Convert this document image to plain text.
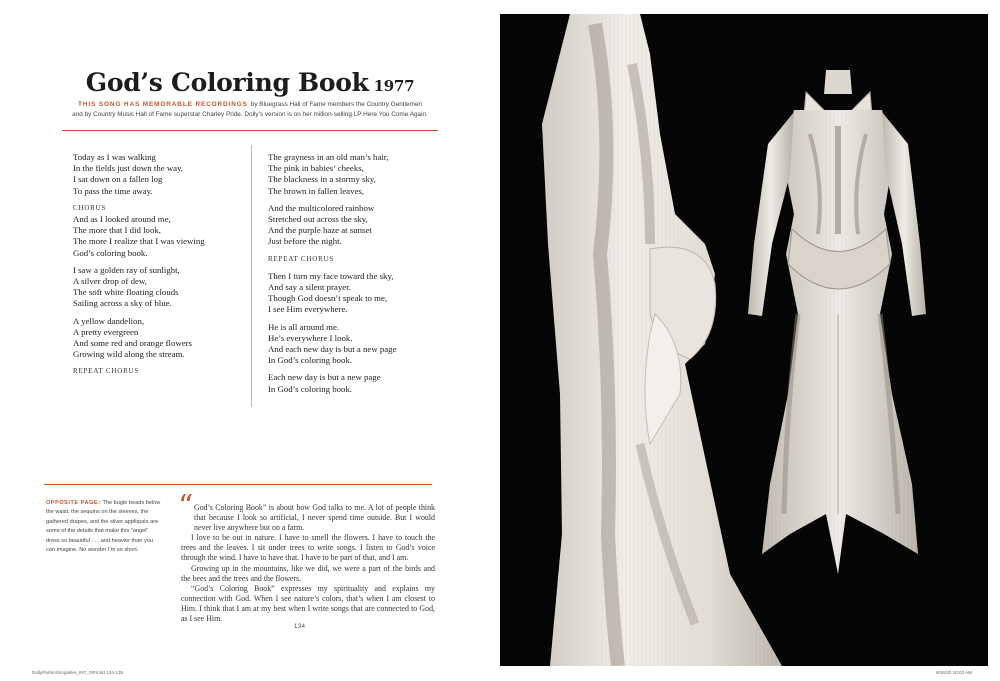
God’s Coloring Book 1977

THIS SONG HAS MEMORABLE RECORDINGS by Bluegrass Hall of Fame members the Country Gentlemen and by Country Music Hall of Fame superstar Charley Pride. Dolly’s version is on her million-selling LP Here You Come Again.

Today as I was walking
In the fields just down the way,
I sat down on a fallen log
To pass the time away.
CHORUS
And as I looked around me,
The more that I did look,
The more I realize that I was viewing
God’s coloring book.
I saw a golden ray of sunlight,
A silver drop of dew,
The soft white floating clouds
Sailing across a sky of blue.
A yellow dandelion,
A pretty evergreen
And some red and orange flowers
Growing wild along the stream.
REPEAT CHORUS
The grayness in an old man’s hair,
The pink in babies’ cheeks,
The blackness in a stormy sky,
The brown in fallen leaves,
And the multicolored rainbow
Stretched out across the sky,
And the purple haze at sunset
Just before the night.
REPEAT CHORUS
Then I turn my face toward the sky,
And say a silent prayer.
Though God doesn’t speak to me,
I see Him everywhere.
He is all around me.
He’s everywhere I look.
And each new day is but a new page
In God’s coloring book.
Each new day is but a new page
In God’s coloring book.

OPPOSITE PAGE: The bugle beads below the waist, the sequins on the sleeves, the gathered drapes, and the silver appliqués are some of the details that make this “angel” dress so beautiful . . . and heavier than you can imagine. No wonder I’m so short.

“ God’s Coloring Book” is about how God talks to me. A lot of people think that because I look so artificial, I never spend time outside. But I would never live anywhere but on a farm.

I love to be out in nature. I have to smell the flowers. I have to touch the trees and the leaves. I sit under trees to write songs. I listen to God’s voice through the wind. I have to have that. I have to be part of that, and I am.

Growing up in the mountains, like we did, we were a part of the birds and the bees and the trees and the flowers.

“God’s Coloring Book” expresses my spirituality and explains my connection with God. When I see nature’s colors, that’s when I am closest to Him. I think that I am at my best when I write songs that are connected to God, as I see Him.

134
DollyPartonSongteller_INT_OP.indd 134-135	6/26/20 10:03 AM
